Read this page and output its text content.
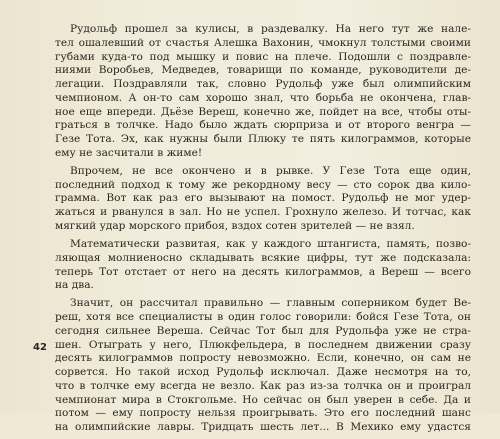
Рудольф прошел за кулисы, в раздевалку. На него тут же нале-
тел ошалевший от счастья Алешка Вахонин, чмокнул толстыми своими
губами куда-то под мышку и повис на плече. Подошли с поздравле-
ниями Воробьев, Медведев, товарищи по команде, руководители де-
легации. Поздравляли так, словно Рудольф уже был олимпийским
чемпионом. А он-то сам хорошо знал, что борьба не окончена, глав-
ное еще впереди. Дьёзе Вереш, конечно же, пойдет на все, чтобы оты-
граться в толчке. Надо было ждать сюрприза и от второго венгра —
Гезе Тота. Эх, как нужны были Плюку те пять килограммов, которые
ему не засчитали в жиме!
Впрочем, не все окончено и в рывке. У Гезе Тота еще один,
последний подход к тому же рекордному весу — сто сорок два кило-
грамма. Вот как раз его вызывают на помост. Рудольф не мог удер-
жаться и рванулся в зал. Но не успел. Грохнуло железо. И тотчас, как
мягкий удар морского прибоя, вздох сотен зрителей — не взял.
Математически развитая, как у каждого штангиста, память, позво-
ляющая молниеносно складывать всякие цифры, тут же подсказала:
теперь Тот отстает от него на десять килограммов, а Вереш — всего
на два.
Значит, он рассчитал правильно — главным соперником будет Ве-
реш, хотя все специалисты в один голос говорили: бойся Гезе Тота, он
сегодня сильнее Вереша. Сейчас Тот был для Рудольфа уже не стра-
шен. Отыграть у него, Плюкфельдера, в последнем движении сразу
десять килограммов попросту невозможно. Если, конечно, он сам не
сорвется. Но такой исход Рудольф исключал. Даже несмотря на то,
что в толчке ему всегда не везло. Как раз из-за толчка он и проиграл
чемпионат мира в Стокгольме. Но сейчас он был уверен в себе. Да и
потом — ему попросту нельзя проигрывать. Это его последний шанс
на олимпийские лавры. Тридцать шесть лет... В Мехико ему удастся
42
